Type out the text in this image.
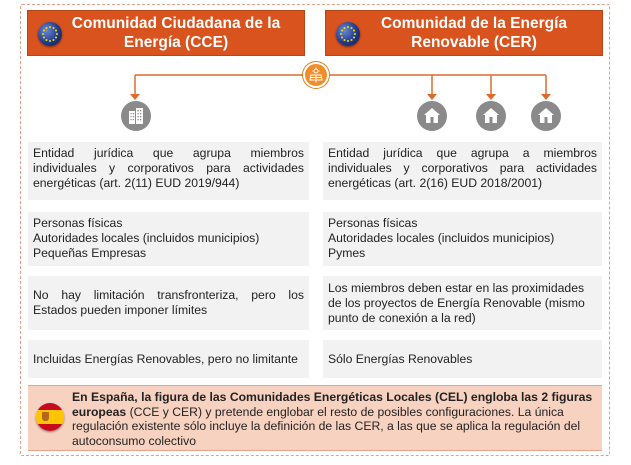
Comunidad Ciudadana de la Energía (CCE)
Comunidad de la Energía Renovable (CER)
Entidad jurídica que agrupa miembros individuales y corporativos para actividades energéticas (art. 2(11) EUD 2019/944)
Personas físicas
Autoridades locales (incluidos municipios)
Pequeñas Empresas
No hay limitación transfronteriza, pero los Estados pueden imponer límites
Incluidas Energías Renovables, pero no limitante
Entidad jurídica que agrupa a miembros individuales y corporativos para actividades energéticas (art. 2(16) EUD 2018/2001)
Personas físicas
Autoridades locales (incluidos municipios)
Pymes
Los miembros deben estar en las proximidades de los proyectos de Energía Renovable (mismo punto de conexión a la red)
Sólo Energías Renovables
En España, la figura de las Comunidades Energéticas Locales (CEL) engloba las 2 figuras europeas (CCE y CER) y pretende englobar el resto de posibles configuraciones. La única regulación existente sólo incluye la definición de las CER, a las que se aplica la regulación del autoconsumo colectivo
